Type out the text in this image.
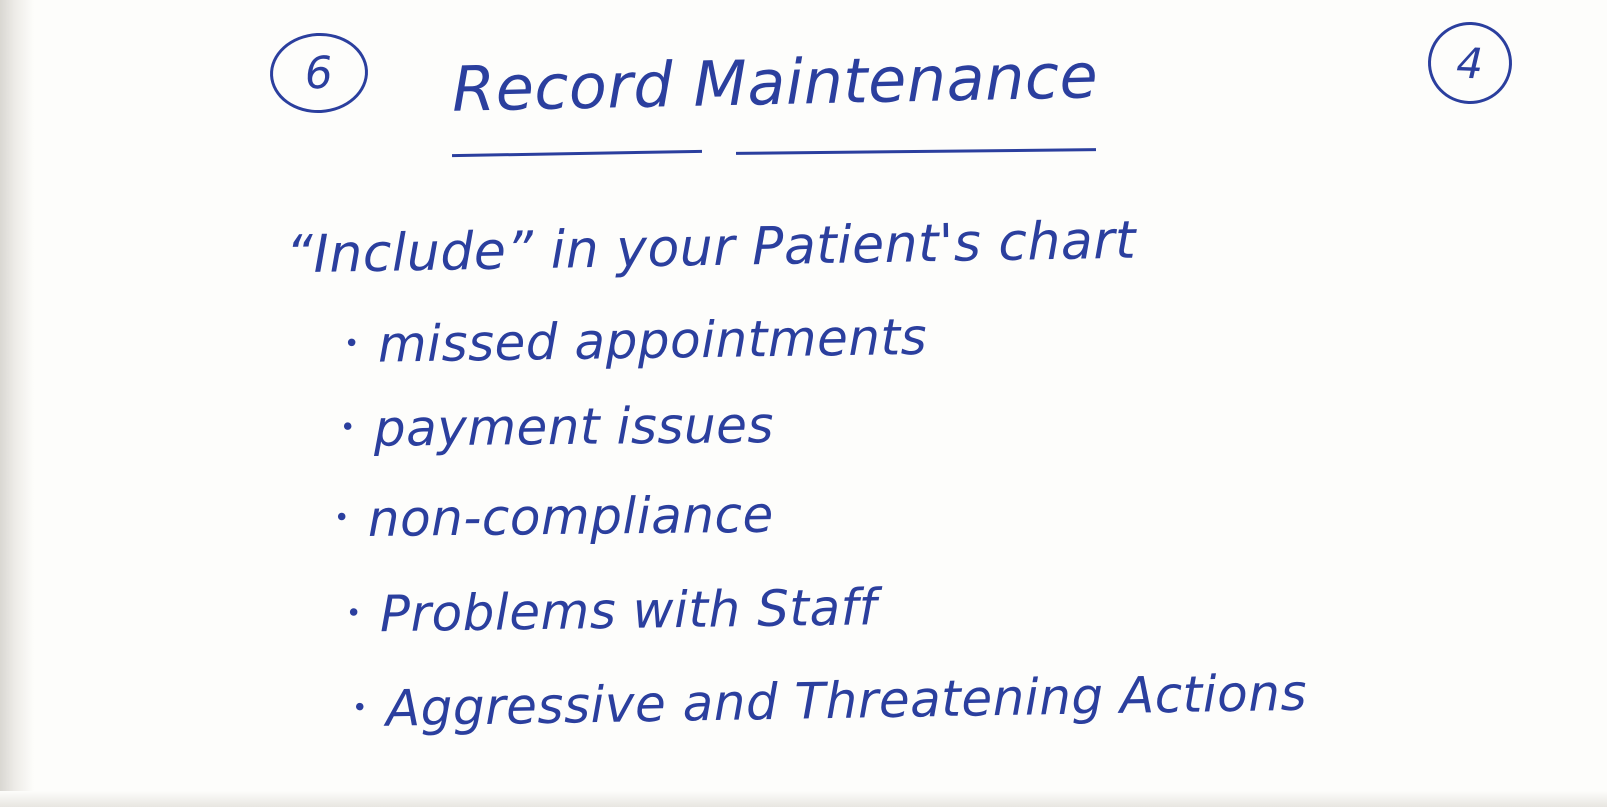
6	4
Record Maintenance
“Include” in your Patient's chart
• missed appointments
• payment issues
• non-compliance
• Problems with Staff
• Aggressive and Threatening Actions
